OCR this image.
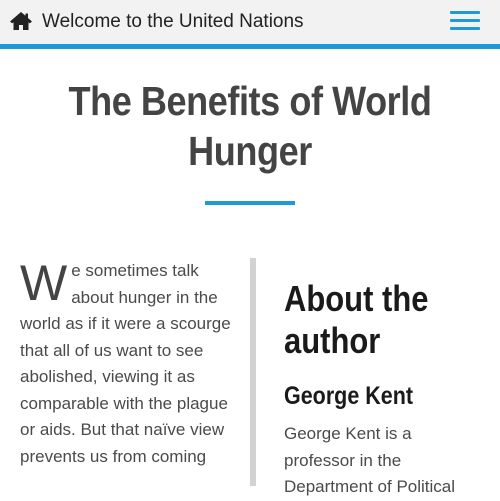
Welcome to the United Nations
The Benefits of World Hunger
W e sometimes talk about hunger in the world as if it were a scourge that all of us want to see abolished, viewing it as comparable with the plague or aids. But that naïve view prevents us from coming
About the author
George Kent
George Kent is a professor in the Department of Political
